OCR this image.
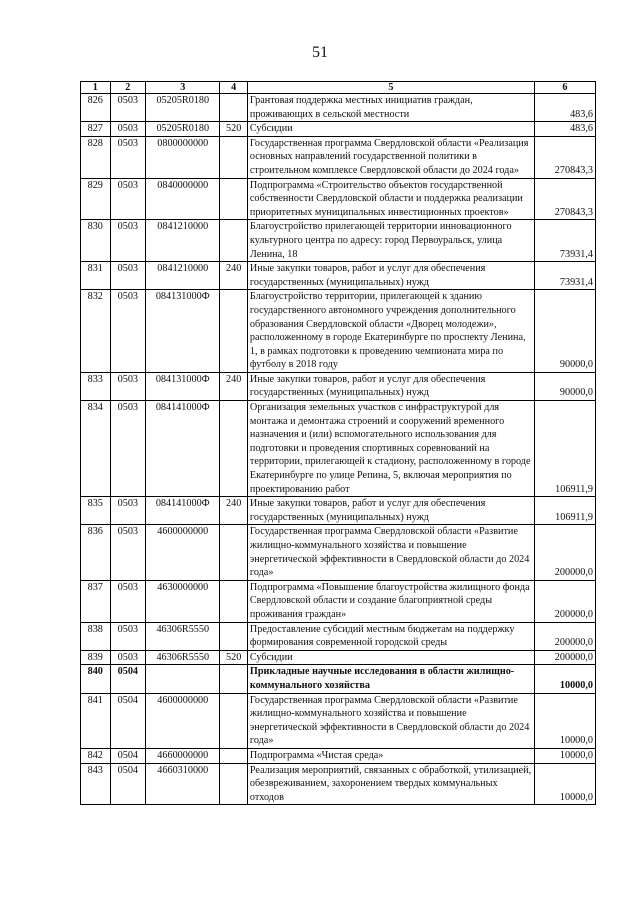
51
1	2	3	4	5	6
826	0503	05205R0180		Грантовая поддержка местных инициатив граждан, проживающих в сельской местности	483,6
827	0503	05205R0180	520	Субсидии	483,6
828	0503	0800000000		Государственная программа Свердловской области «Реализация основных направлений государственной политики в строительном комплексе Свердловской области до 2024 года»	270843,3
829	0503	0840000000		Подпрограмма «Строительство объектов государственной собственности Свердловской области и поддержка реализации приоритетных муниципальных инвестиционных проектов»	270843,3
830	0503	0841210000		Благоустройство прилегающей территории инновационного культурного центра по адресу: город Первоуральск, улица Ленина, 18	73931,4
831	0503	0841210000	240	Иные закупки товаров, работ и услуг для обеспечения государственных (муниципальных) нужд	73931,4
832	0503	084131000Ф		Благоустройство территории, прилегающей к зданию государственного автономного учреждения дополнительного образования Свердловской области «Дворец молодежи», расположенному в городе Екатеринбурге по проспекту Ленина, 1, в рамках подготовки к проведению чемпионата мира по футболу в 2018 году	90000,0
833	0503	084131000Ф	240	Иные закупки товаров, работ и услуг для обеспечения государственных (муниципальных) нужд	90000,0
834	0503	084141000Ф		Организация земельных участков с инфраструктурой для монтажа и демонтажа строений и сооружений временного назначения и (или) вспомогательного использования для подготовки и проведения спортивных соревнований на территории, прилегающей к стадиону, расположенному в городе Екатеринбурге по улице Репина, 5, включая мероприятия по проектированию работ	106911,9
835	0503	084141000Ф	240	Иные закупки товаров, работ и услуг для обеспечения государственных (муниципальных) нужд	106911,9
836	0503	4600000000		Государственная программа Свердловской области «Развитие жилищно-коммунального хозяйства и повышение энергетической эффективности в Свердловской области до 2024 года»	200000,0
837	0503	4630000000		Подпрограмма «Повышение благоустройства жилищного фонда Свердловской области и создание благоприятной среды проживания граждан»	200000,0
838	0503	46306R5550		Предоставление субсидий местным бюджетам на поддержку формирования современной городской среды	200000,0
839	0503	46306R5550	520	Субсидии	200000,0
840	0504			Прикладные научные исследования в области жилищно-коммунального хозяйства	10000,0
841	0504	4600000000		Государственная программа Свердловской области «Развитие жилищно-коммунального хозяйства и повышение энергетической эффективности в Свердловской области до 2024 года»	10000,0
842	0504	4660000000		Подпрограмма «Чистая среда»	10000,0
843	0504	4660310000		Реализация мероприятий, связанных с обработкой, утилизацией, обезвреживанием, захоронением твердых коммунальных отходов	10000,0
